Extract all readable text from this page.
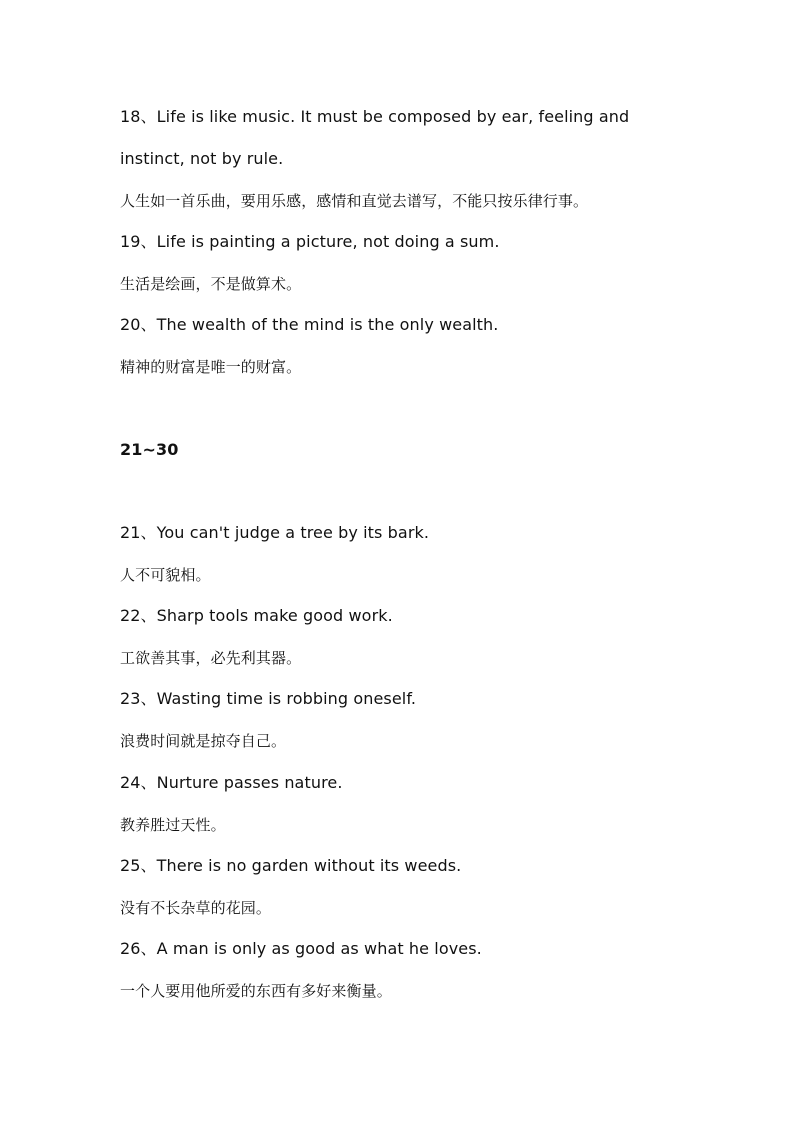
18、Life is like music. It must be composed by ear, feeling and
instinct, not by rule.
人生如一首乐曲，要用乐感，感情和直觉去谱写，不能只按乐律行事。
19、Life is painting a picture, not doing a sum.
生活是绘画，不是做算术。
20、The wealth of the mind is the only wealth.
精神的财富是唯一的财富。
21~30
21、You can't judge a tree by its bark.
人不可貌相。
22、Sharp tools make good work.
工欲善其事，必先利其器。
23、Wasting time is robbing oneself.
浪费时间就是掠夺自己。
24、Nurture passes nature.
教养胜过天性。
25、There is no garden without its weeds.
没有不长杂草的花园。
26、A man is only as good as what he loves.
一个人要用他所爱的东西有多好来衡量。
